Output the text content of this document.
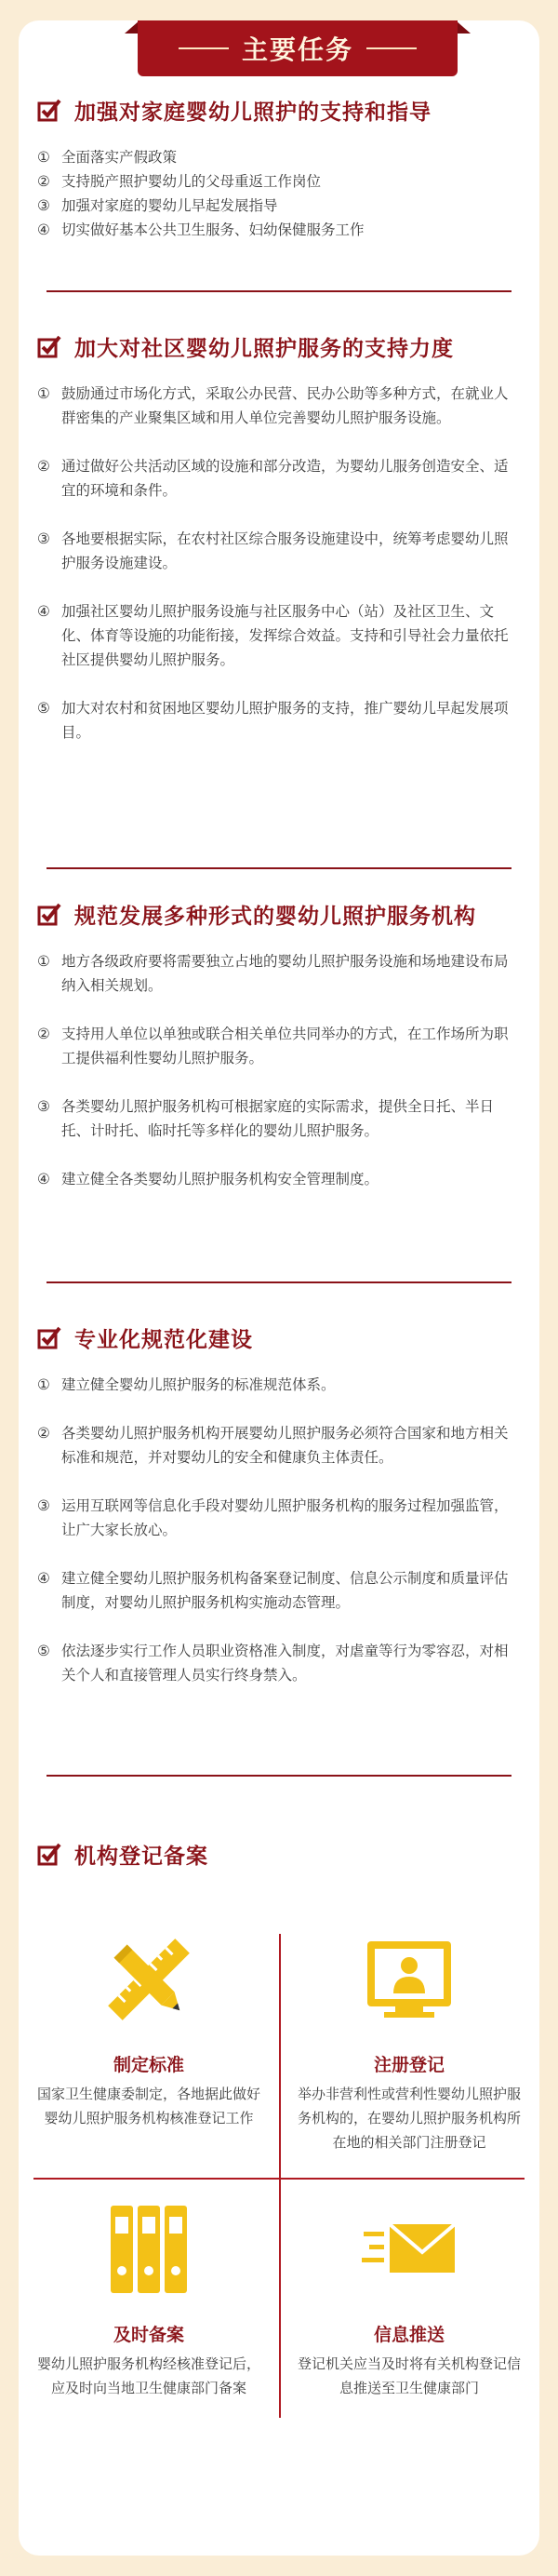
主要任务
加强对家庭婴幼儿照护的支持和指导
① 全面落实产假政策
② 支持脱产照护婴幼儿的父母重返工作岗位
③ 加强对家庭的婴幼儿早起发展指导
④ 切实做好基本公共卫生服务、妇幼保健服务工作
加大对社区婴幼儿照护服务的支持力度
① 鼓励通过市场化方式，采取公办民营、民办公助等多种方式，在就业人群密集的产业聚集区域和用人单位完善婴幼儿照护服务设施。
② 通过做好公共活动区域的设施和部分改造，为婴幼儿服务创造安全、适宜的环境和条件。
③ 各地要根据实际，在农村社区综合服务设施建设中，统筹考虑婴幼儿照护服务设施建设。
④ 加强社区婴幼儿照护服务设施与社区服务中心（站）及社区卫生、文化、体育等设施的功能衔接，发挥综合效益。支持和引导社会力量依托社区提供婴幼儿照护服务。
⑤ 加大对农村和贫困地区婴幼儿照护服务的支持，推广婴幼儿早起发展项目。
规范发展多种形式的婴幼儿照护服务机构
① 地方各级政府要将需要独立占地的婴幼儿照护服务设施和场地建设布局纳入相关规划。
② 支持用人单位以单独或联合相关单位共同举办的方式，在工作场所为职工提供福利性婴幼儿照护服务。
③ 各类婴幼儿照护服务机构可根据家庭的实际需求，提供全日托、半日托、计时托、临时托等多样化的婴幼儿照护服务。
④ 建立健全各类婴幼儿照护服务机构安全管理制度。
专业化规范化建设
① 建立健全婴幼儿照护服务的标准规范体系。
② 各类婴幼儿照护服务机构开展婴幼儿照护服务必须符合国家和地方相关标准和规范，并对婴幼儿的安全和健康负主体责任。
③ 运用互联网等信息化手段对婴幼儿照护服务机构的服务过程加强监管，让广大家长放心。
④ 建立健全婴幼儿照护服务机构备案登记制度、信息公示制度和质量评估制度，对婴幼儿照护服务机构实施动态管理。
⑤ 依法逐步实行工作人员职业资格准入制度，对虐童等行为零容忍，对相关个人和直接管理人员实行终身禁入。
机构登记备案
制定标准
国家卫生健康委制定，各地据此做好婴幼儿照护服务机构核准登记工作
注册登记
举办非营利性或营利性婴幼儿照护服务机构的，在婴幼儿照护服务机构所在地的相关部门注册登记
及时备案
婴幼儿照护服务机构经核准登记后，应及时向当地卫生健康部门备案
信息推送
登记机关应当及时将有关机构登记信息推送至卫生健康部门
